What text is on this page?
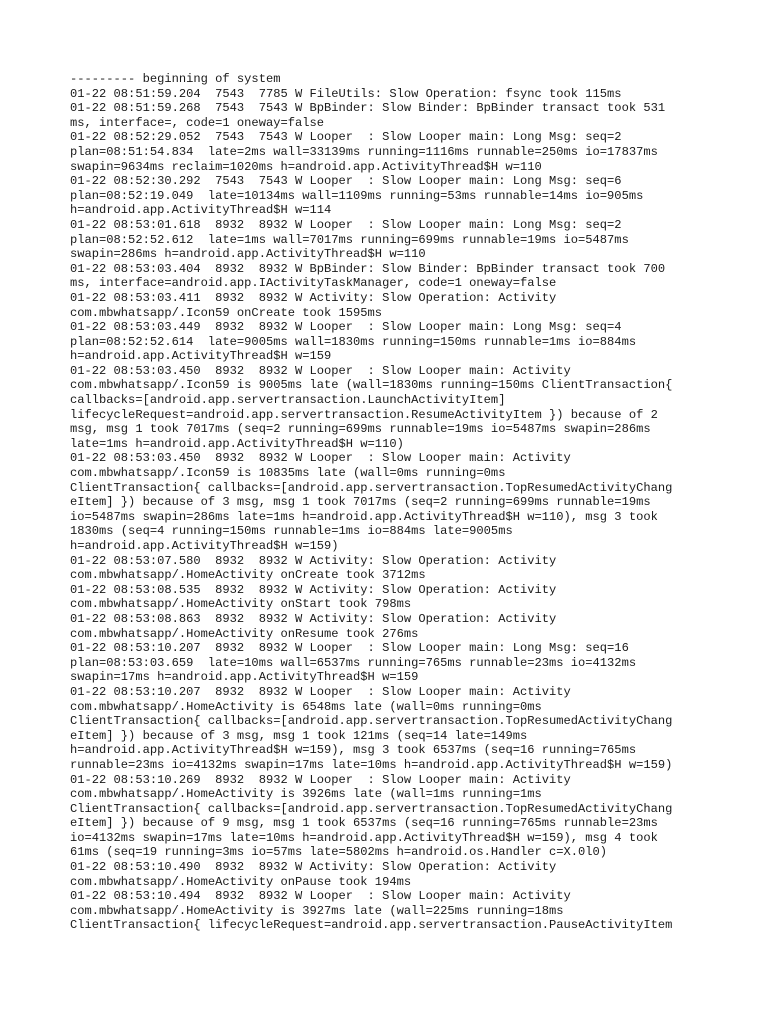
--------- beginning of system
01-22 08:51:59.204  7543  7785 W FileUtils: Slow Operation: fsync took 115ms
01-22 08:51:59.268  7543  7543 W BpBinder: Slow Binder: BpBinder transact took 531
ms, interface=, code=1 oneway=false
01-22 08:52:29.052  7543  7543 W Looper  : Slow Looper main: Long Msg: seq=2
plan=08:51:54.834  late=2ms wall=33139ms running=1116ms runnable=250ms io=17837ms
swapin=9634ms reclaim=1020ms h=android.app.ActivityThread$H w=110
01-22 08:52:30.292  7543  7543 W Looper  : Slow Looper main: Long Msg: seq=6
plan=08:52:19.049  late=10134ms wall=1109ms running=53ms runnable=14ms io=905ms
h=android.app.ActivityThread$H w=114
01-22 08:53:01.618  8932  8932 W Looper  : Slow Looper main: Long Msg: seq=2
plan=08:52:52.612  late=1ms wall=7017ms running=699ms runnable=19ms io=5487ms
swapin=286ms h=android.app.ActivityThread$H w=110
01-22 08:53:03.404  8932  8932 W BpBinder: Slow Binder: BpBinder transact took 700
ms, interface=android.app.IActivityTaskManager, code=1 oneway=false
01-22 08:53:03.411  8932  8932 W Activity: Slow Operation: Activity
com.mbwhatsapp/.Icon59 onCreate took 1595ms
01-22 08:53:03.449  8932  8932 W Looper  : Slow Looper main: Long Msg: seq=4
plan=08:52:52.614  late=9005ms wall=1830ms running=150ms runnable=1ms io=884ms
h=android.app.ActivityThread$H w=159
01-22 08:53:03.450  8932  8932 W Looper  : Slow Looper main: Activity
com.mbwhatsapp/.Icon59 is 9005ms late (wall=1830ms running=150ms ClientTransaction{
callbacks=[android.app.servertransaction.LaunchActivityItem]
lifecycleRequest=android.app.servertransaction.ResumeActivityItem }) because of 2
msg, msg 1 took 7017ms (seq=2 running=699ms runnable=19ms io=5487ms swapin=286ms
late=1ms h=android.app.ActivityThread$H w=110)
01-22 08:53:03.450  8932  8932 W Looper  : Slow Looper main: Activity
com.mbwhatsapp/.Icon59 is 10835ms late (wall=0ms running=0ms
ClientTransaction{ callbacks=[android.app.servertransaction.TopResumedActivityChang
eItem] }) because of 3 msg, msg 1 took 7017ms (seq=2 running=699ms runnable=19ms
io=5487ms swapin=286ms late=1ms h=android.app.ActivityThread$H w=110), msg 3 took
1830ms (seq=4 running=150ms runnable=1ms io=884ms late=9005ms
h=android.app.ActivityThread$H w=159)
01-22 08:53:07.580  8932  8932 W Activity: Slow Operation: Activity
com.mbwhatsapp/.HomeActivity onCreate took 3712ms
01-22 08:53:08.535  8932  8932 W Activity: Slow Operation: Activity
com.mbwhatsapp/.HomeActivity onStart took 798ms
01-22 08:53:08.863  8932  8932 W Activity: Slow Operation: Activity
com.mbwhatsapp/.HomeActivity onResume took 276ms
01-22 08:53:10.207  8932  8932 W Looper  : Slow Looper main: Long Msg: seq=16
plan=08:53:03.659  late=10ms wall=6537ms running=765ms runnable=23ms io=4132ms
swapin=17ms h=android.app.ActivityThread$H w=159
01-22 08:53:10.207  8932  8932 W Looper  : Slow Looper main: Activity
com.mbwhatsapp/.HomeActivity is 6548ms late (wall=0ms running=0ms
ClientTransaction{ callbacks=[android.app.servertransaction.TopResumedActivityChang
eItem] }) because of 3 msg, msg 1 took 121ms (seq=14 late=149ms
h=android.app.ActivityThread$H w=159), msg 3 took 6537ms (seq=16 running=765ms
runnable=23ms io=4132ms swapin=17ms late=10ms h=android.app.ActivityThread$H w=159)
01-22 08:53:10.269  8932  8932 W Looper  : Slow Looper main: Activity
com.mbwhatsapp/.HomeActivity is 3926ms late (wall=1ms running=1ms
ClientTransaction{ callbacks=[android.app.servertransaction.TopResumedActivityChang
eItem] }) because of 9 msg, msg 1 took 6537ms (seq=16 running=765ms runnable=23ms
io=4132ms swapin=17ms late=10ms h=android.app.ActivityThread$H w=159), msg 4 took
61ms (seq=19 running=3ms io=57ms late=5802ms h=android.os.Handler c=X.0l0)
01-22 08:53:10.490  8932  8932 W Activity: Slow Operation: Activity
com.mbwhatsapp/.HomeActivity onPause took 194ms
01-22 08:53:10.494  8932  8932 W Looper  : Slow Looper main: Activity
com.mbwhatsapp/.HomeActivity is 3927ms late (wall=225ms running=18ms
ClientTransaction{ lifecycleRequest=android.app.servertransaction.PauseActivityItem
